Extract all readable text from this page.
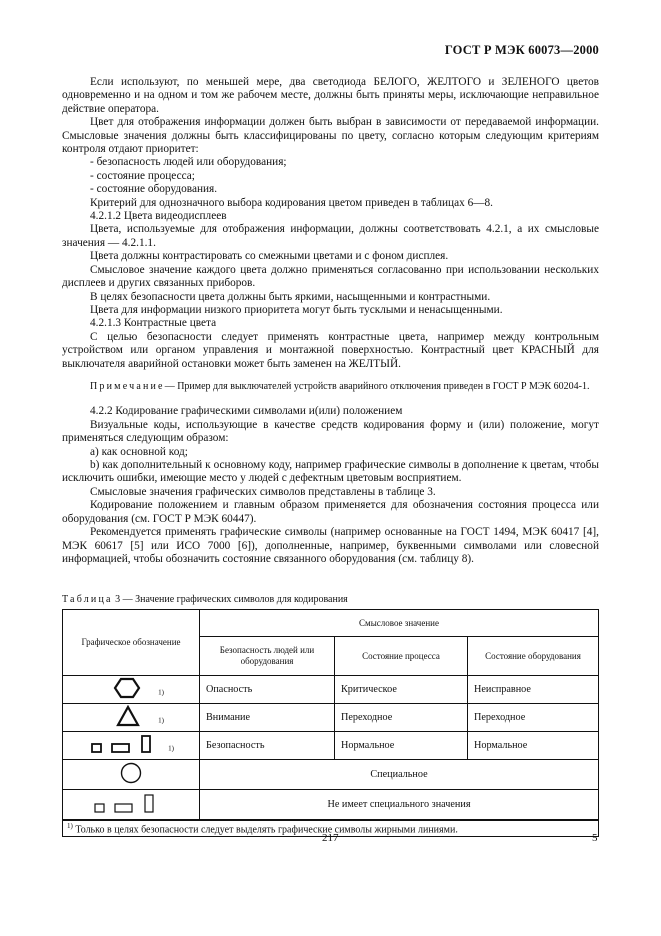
ГОСТ Р МЭК 60073—2000

Если используют, по меньшей мере, два светодиода БЕЛОГО, ЖЕЛТОГО и ЗЕЛЕНОГО цветов одновременно и на одном и том же рабочем месте, должны быть приняты меры, исключающие неправильное действие оператора.

Цвет для отображения информации должен быть выбран в зависимости от передаваемой информации. Смысловые значения должны быть классифицированы по цвету, согласно которым следующим критериям контроля отдают приоритет:

- безопасность людей или оборудования;

- состояние процесса;

- состояние оборудования.

Критерий для однозначного выбора кодирования цветом приведен в таблицах 6—8.

4.2.1.2 Цвета видеодисплеев

Цвета, используемые для отображения информации, должны соответствовать 4.2.1, а их смысловые значения — 4.2.1.1.

Цвета должны контрастировать со смежными цветами и с фоном дисплея.

Смысловое значение каждого цвета должно применяться согласованно при использовании нескольких дисплеев и других связанных приборов.

В целях безопасности цвета должны быть яркими, насыщенными и контрастными.

Цвета для информации низкого приоритета могут быть тусклыми и ненасыщенными.

4.2.1.3 Контрастные цвета

С целью безопасности следует применять контрастные цвета, например между контрольным устройством или органом управления и монтажной поверхностью. Контрастный цвет КРАСНЫЙ для выключателя аварийной остановки может быть заменен на ЖЕЛТЫЙ.

Примечание— Пример для выключателей устройств аварийного отключения приведен в ГОСТ Р МЭК 60204-1.

4.2.2 Кодирование графическими символами и(или) положением

Визуальные коды, использующие в качестве средств кодирования форму и (или) положение, могут применяться следующим образом:

a) как основной код;

b) как дополнительный к основному коду, например графические символы в дополнение к цветам, чтобы исключить ошибки, имеющие место у людей с дефектным цветовым восприятием.

Смысловые значения графических символов представлены в таблице 3.

Кодирование положением и главным образом применяется для обозначения состояния процесса или оборудования (см. ГОСТ Р МЭК 60447).

Рекомендуется применять графические символы (например основанные на ГОСТ 1494, МЭК 60417 [4], МЭК 60617 [5] или ИСО 7000 [6]), дополненные, например, буквенными символами или словесной информацией, чтобы обозначить состояние связанного оборудования (см. таблицу 8).

Таблица 3 — Значение графических символов для кодирования
Графическое обозначение	Смысловое значение		
	Безопасность людей или оборудования	Состояние процесса	Состояние оборудования
$^{1)}$	Опасность	Критическое	Неисправное
$^{1)}$	Внимание	Переходное	Переходное
$^{1)}$	Безопасность	Нормальное	Нормальное
	Специальное		
	Не имеет специального значения		
$^{1)}$ Только в целях безопасности следует выделять графические символы жирными линиями.			
217	5
